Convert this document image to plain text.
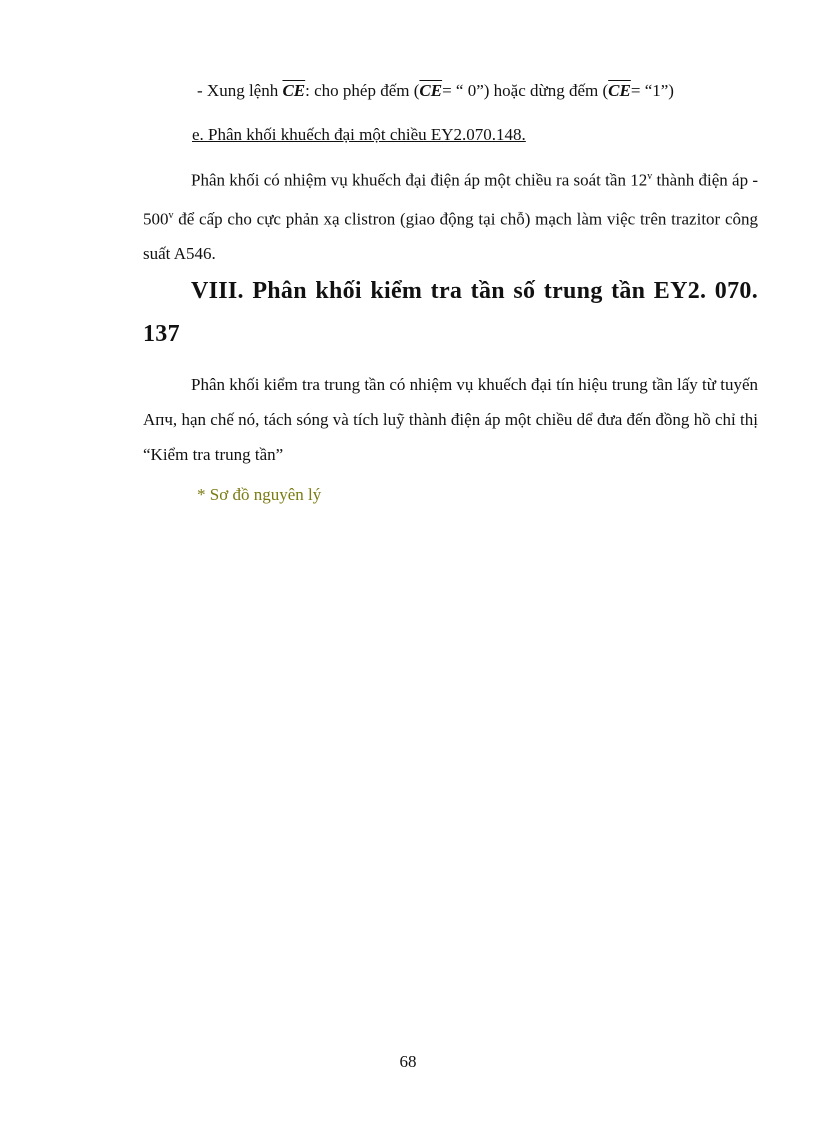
- Xung lệnh $\overline{CE}$: cho phép đếm ($\overline{CE}=$ “ 0”) hoặc dừng đếm ($\overline{CE}=$ “1”)
e. Phân khối khuếch đại một chiều EY2.070.148.
Phân khối có nhiệm vụ khuếch đại điện áp một chiều ra soát tần 12$^v$ thành điện áp - 500$^v$ để cấp cho cực phản xạ clistron (giao động tại chỗ) mạch làm việc trên trazitor công suất A546.
VIII. Phân khối kiểm tra tần số trung tần EY2. 070. 137
Phân khối kiểm tra trung tần có nhiệm vụ khuếch đại tín hiệu trung tần lấy từ tuyến Aпч, hạn chế nó, tách sóng và tích luỹ thành điện áp một chiều dể đưa đến đồng hồ chỉ thị “Kiểm tra trung tần”
* Sơ đồ nguyên lý
68
